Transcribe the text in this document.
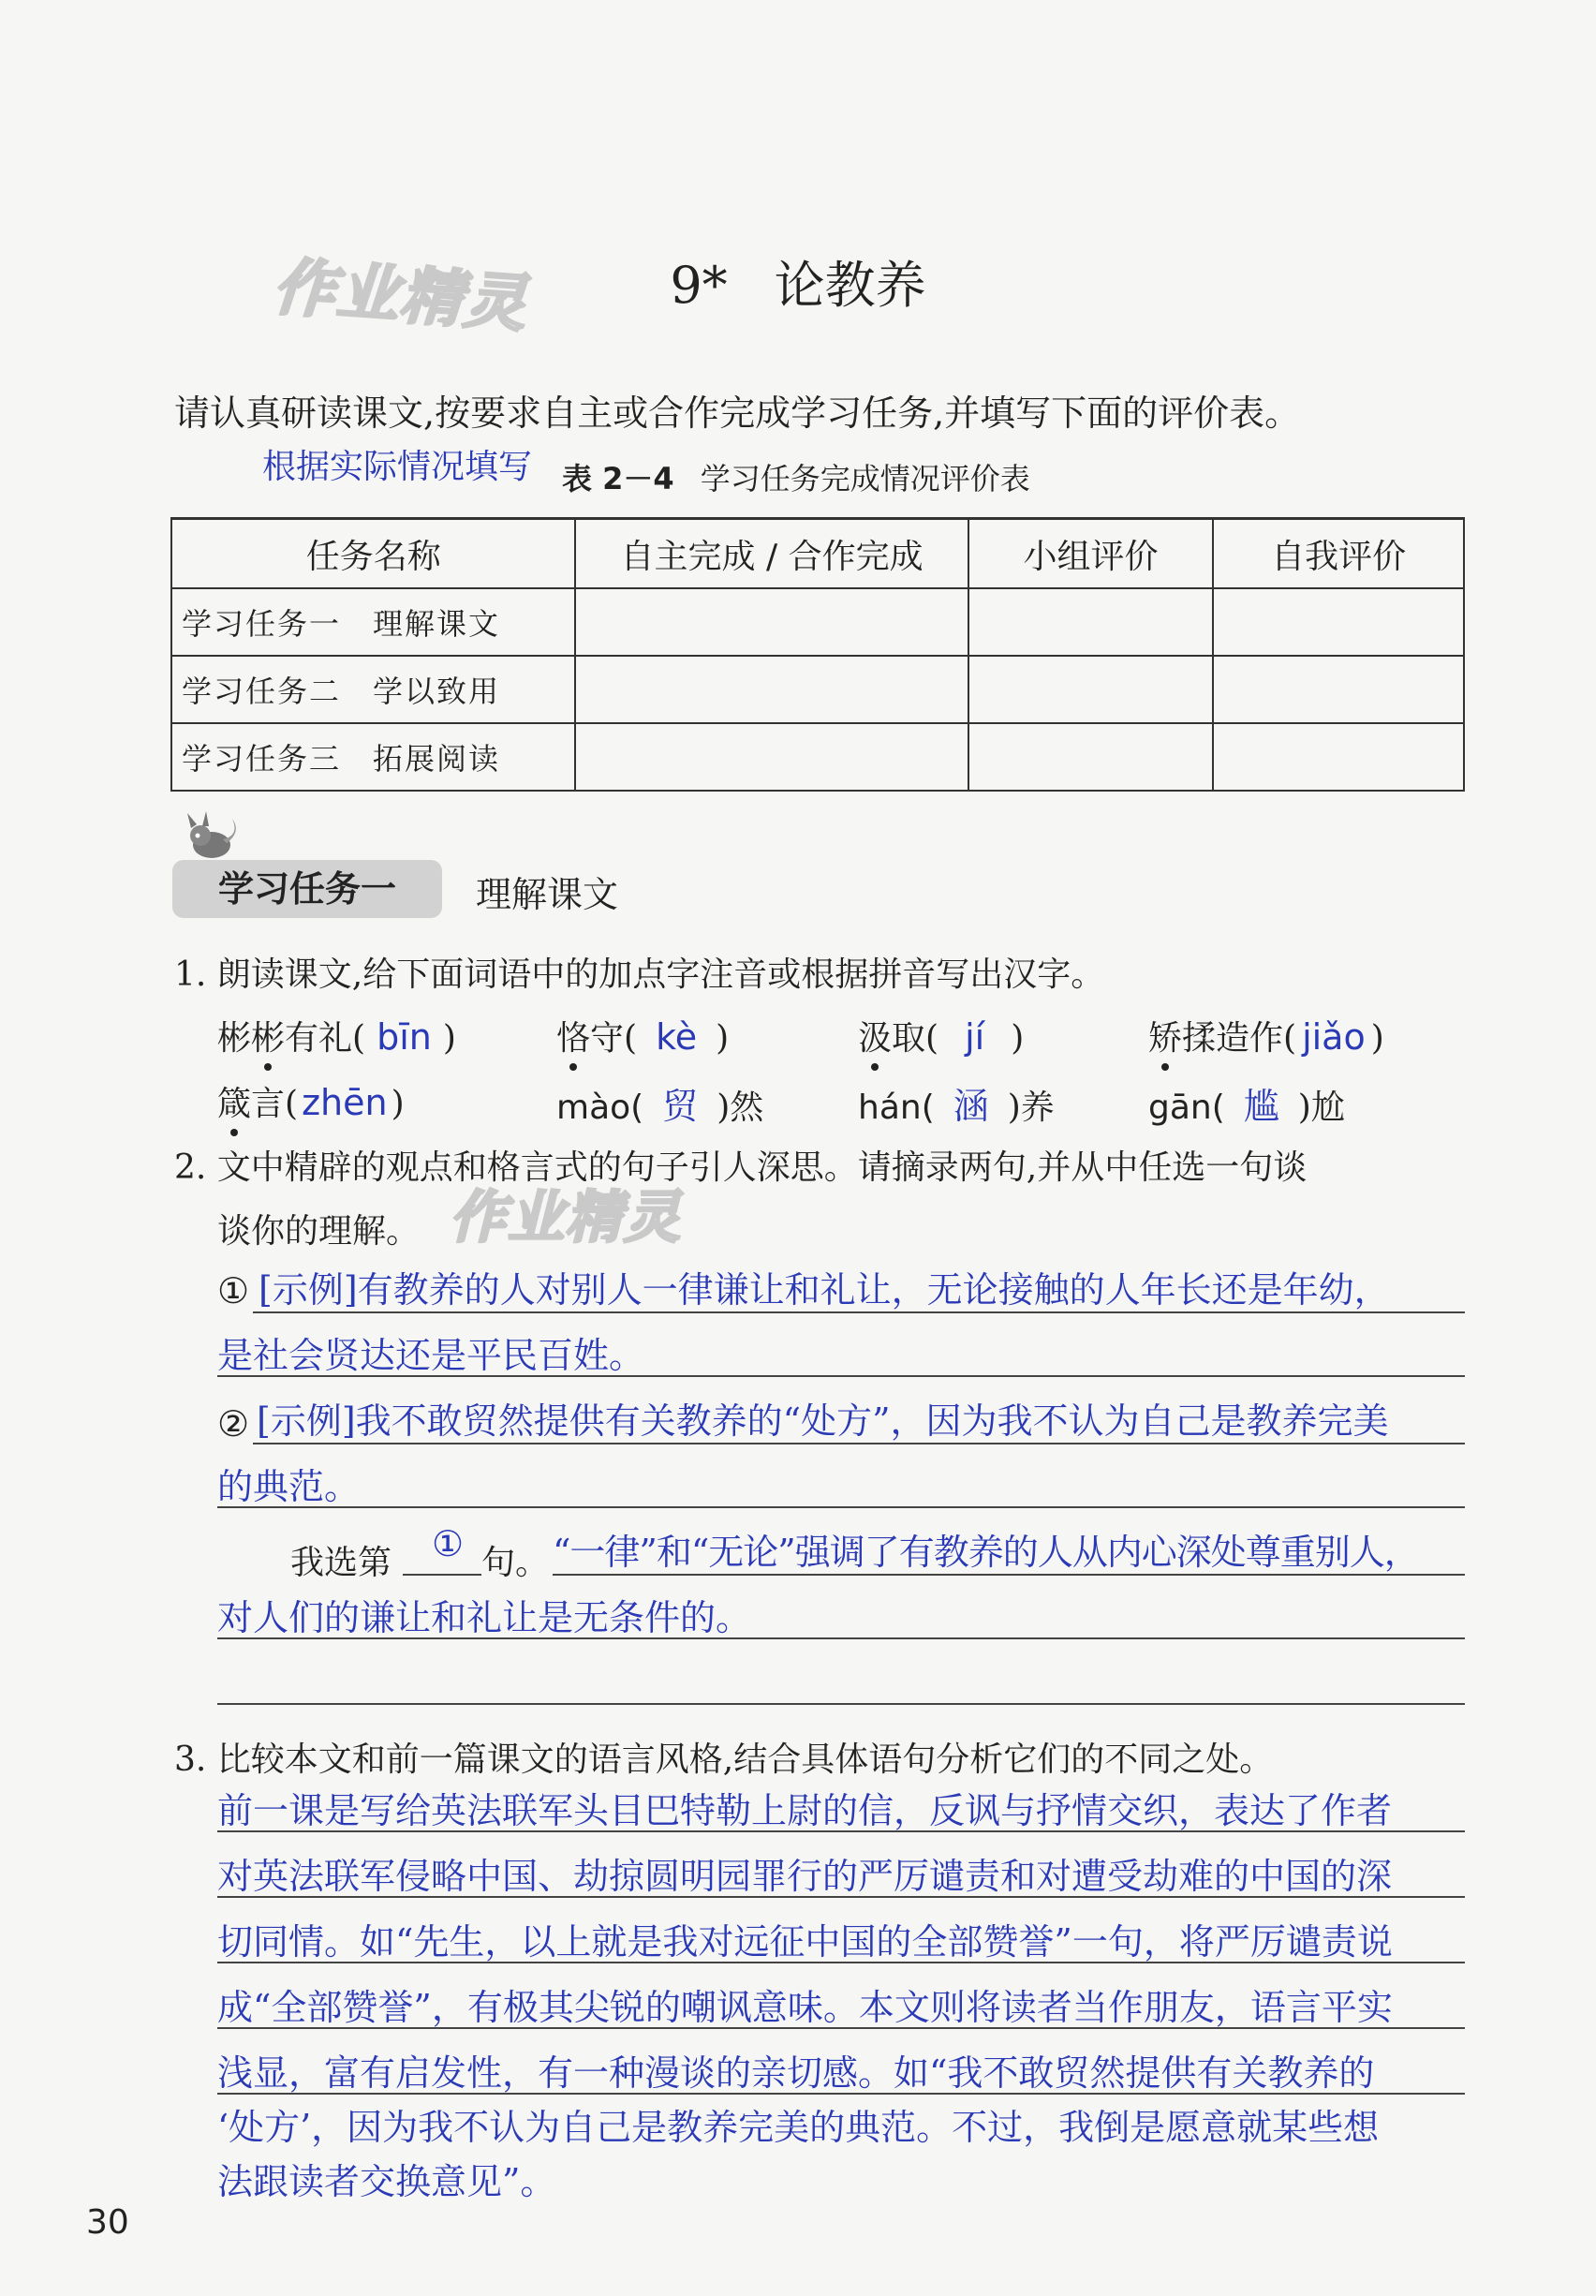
作业精灵
作业精灵
9* 论教养
请认真研读课文,按要求自主或合作完成学习任务,并填写下面的评价表。
根据实际情况填写 表 2－4 学习任务完成情况评价表
任务名称	自主完成 / 合作完成	小组评价	自我评价
学习任务一　理解课文			
学习任务二　学以致用			
学习任务三　拓展阅读			
学习任务一	理解课文
1. 朗读课文,给下面词语中的加点字注音或根据拼音写出汉字。
彬彬有礼( bīn )	恪守( kè )	汲取( jí )	矫揉造作( jiǎo )
箴言( zhēn )	mào( 贸 )然	hán( 涵 )养	gān( 尴 )尬
2. 文中精辟的观点和格言式的句子引人深思。请摘录两句,并从中任选一句谈
谈你的理解。
① [示例]有教养的人对别人一律谦让和礼让，无论接触的人年长还是年幼，
是社会贤达还是平民百姓。
② [示例]我不敢贸然提供有关教养的“处方”，因为我不认为自己是教养完美
的典范。
我选第	① 句。 “一律”和“无论”强调了有教养的人从内心深处尊重别人，
对人们的谦让和礼让是无条件的。
3. 比较本文和前一篇课文的语言风格,结合具体语句分析它们的不同之处。
前一课是写给英法联军头目巴特勒上尉的信，反讽与抒情交织，表达了作者
对英法联军侵略中国、劫掠圆明园罪行的严厉谴责和对遭受劫难的中国的深
切同情。如“先生，以上就是我对远征中国的全部赞誉”一句，将严厉谴责说
成“全部赞誉”，有极其尖锐的嘲讽意味。本文则将读者当作朋友，语言平实
浅显，富有启发性，有一种漫谈的亲切感。如“我不敢贸然提供有关教养的
‘处方’，因为我不认为自己是教养完美的典范。不过，我倒是愿意就某些想
法跟读者交换意见”。
30
